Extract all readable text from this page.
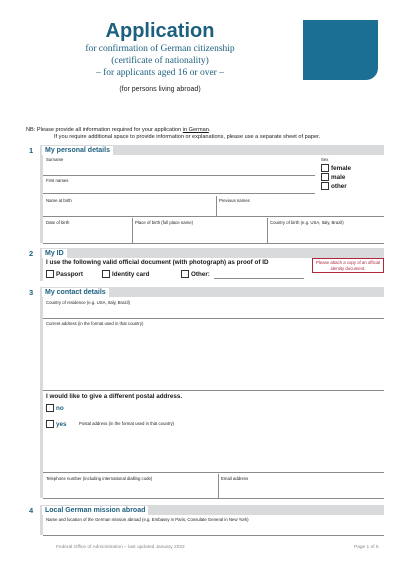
Application
for confirmation of German citizenship
(certificate of nationality)
– for applicants aged 16 or over –
(for persons living abroad)
NB: Please provide all information required for your application in German.
If you require additional space to provide information or explanations, please use a separate sheet of paper.
1	My personal details
Surname	Sex
female
male
other
First names
Name at birth	Previous names
Date of birth	Place of birth (full place name)	Country of birth (e.g. USA, Italy, Brazil)
2	My ID
I use the following valid official document (with photograph) as proof of ID
Passport	Identity card	Other:
Please attach a copy of an official identity document.
3	My contact details
Country of residence (e.g. USA, Italy, Brazil)
Current address (in the format used in that country)
I would like to give a different postal address.
no
yes	Postal address (in the format used in that country)
Telephone number (including international dialling code)	Email address
4	Local German mission abroad
Name and location of the German mission abroad (e.g. Embassy in Paris, Consulate General in New York)
Federal Office of Administration – last updated January 2022	Page 1 of 5
